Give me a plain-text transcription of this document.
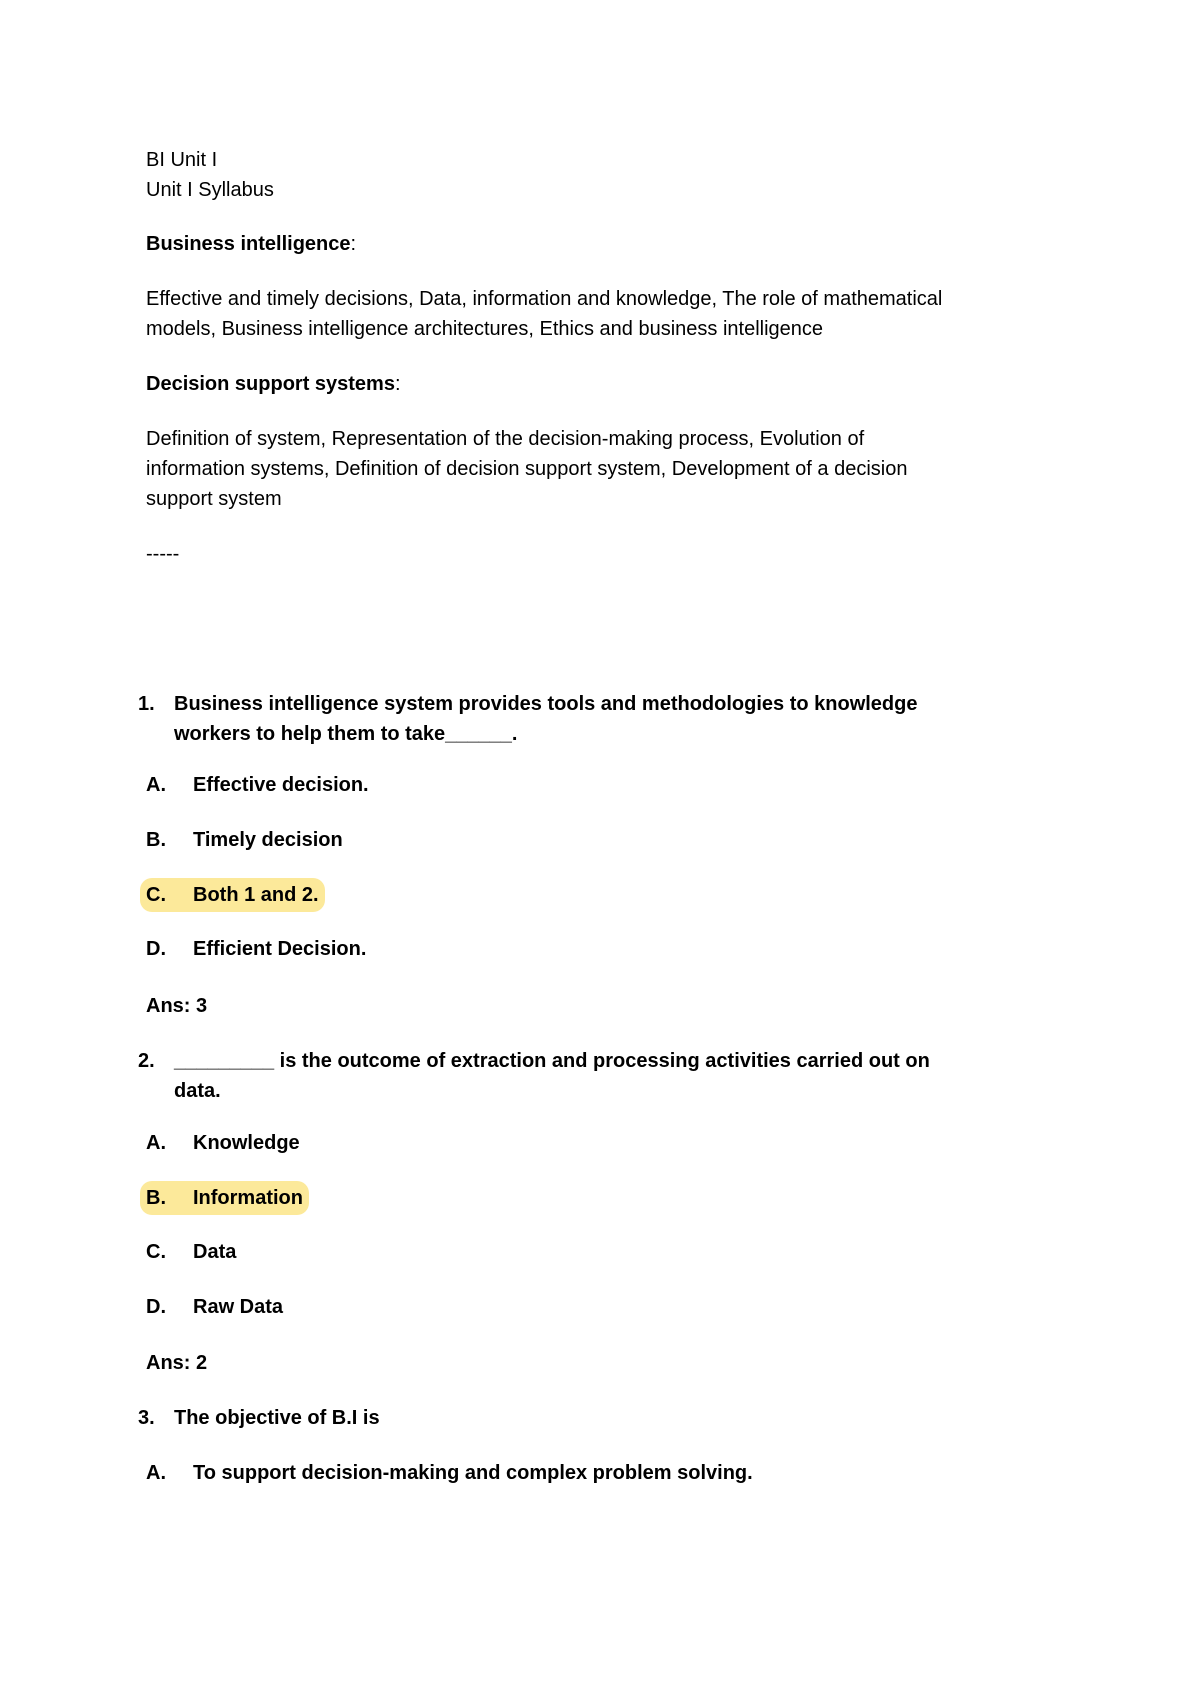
BI Unit I
Unit I Syllabus
Business intelligence:
Effective and timely decisions, Data, information and knowledge, The role of mathematical
models, Business intelligence architectures, Ethics and business intelligence
Decision support systems:
Definition of system, Representation of the decision-making process, Evolution of
information systems, Definition of decision support system, Development of a decision
support system
-----
1. Business intelligence system provides tools and methodologies to knowledge
workers to help them to take______.
A. Effective decision.
B. Timely decision
C. Both 1 and 2.
D. Efficient Decision.
Ans: 3
2. _________ is the outcome of extraction and processing activities carried out on
data.
A. Knowledge
B. Information
C. Data
D. Raw Data
Ans: 2
3. The objective of B.I is
A. To support decision-making and complex problem solving.
